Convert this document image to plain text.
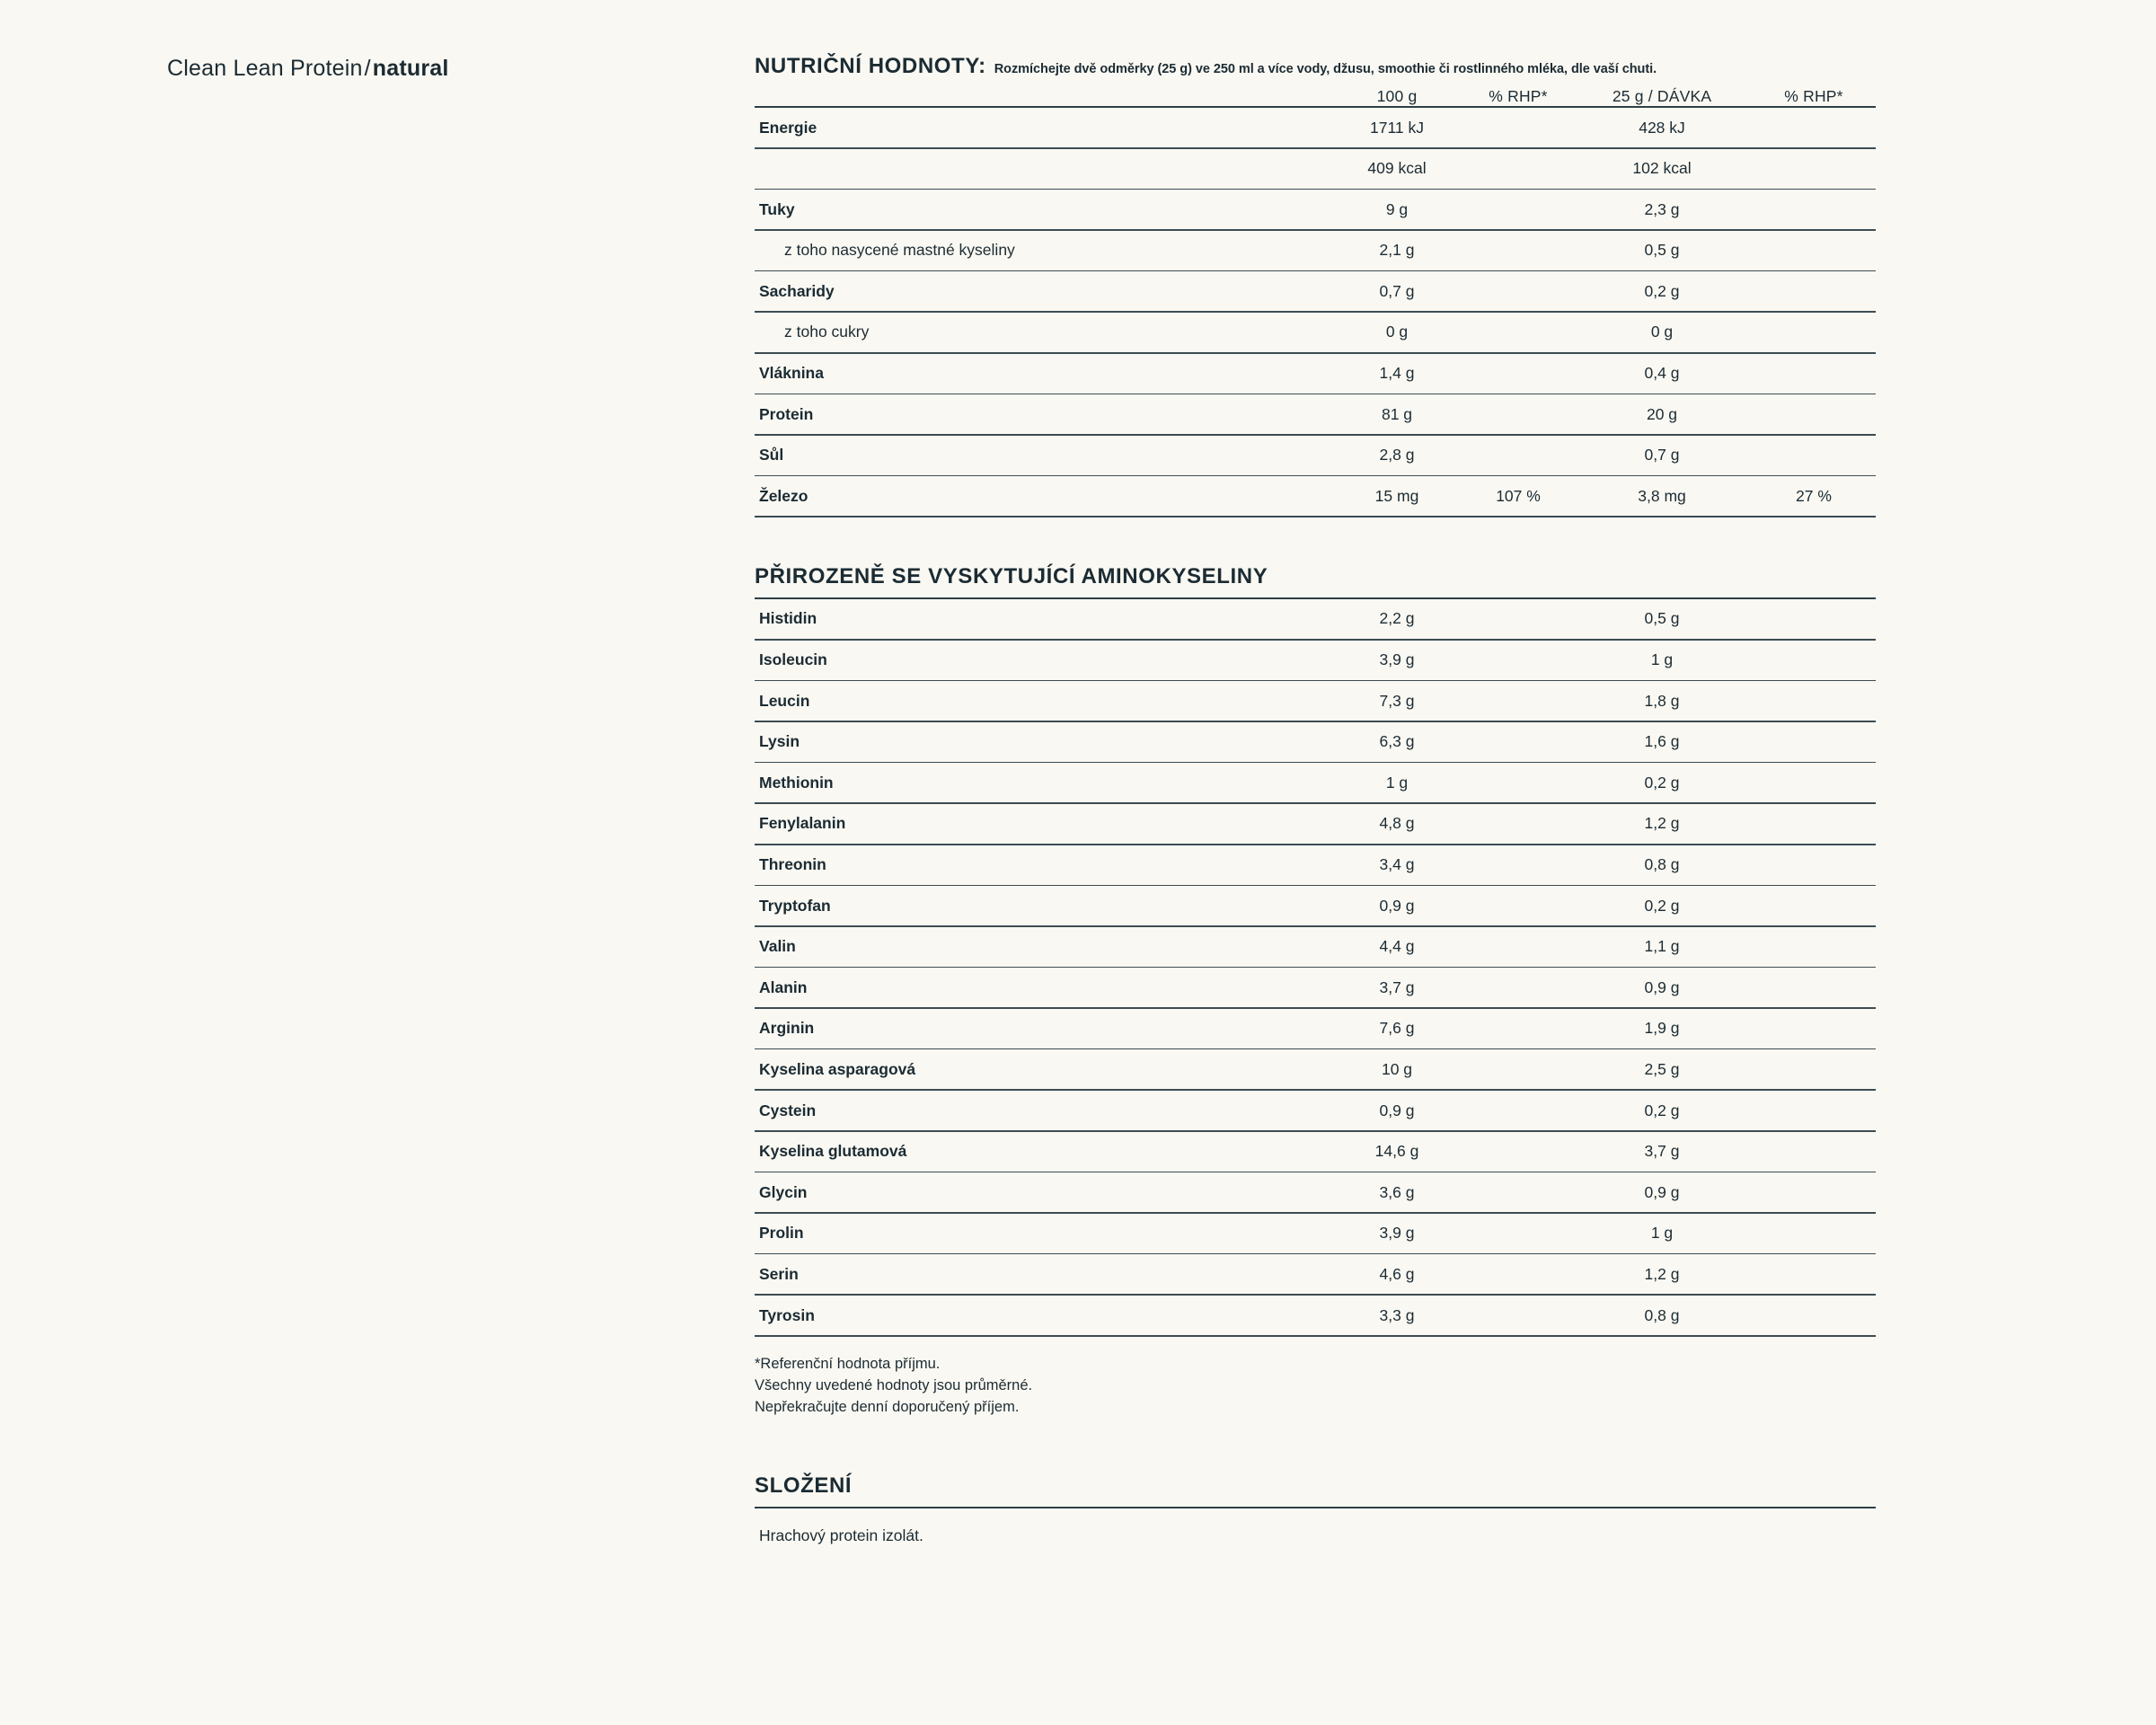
Clean Lean Protein/natural	NUTRIČNÍ HODNOTY: Rozmíchejte dvě odměrky (25 g) ve 250 ml a více vody, džusu, smoothie či rostlinného mléka, dle vaší chuti.
	100 g	% RHP*	25 g / DÁVKA	% RHP*

Energie	1711 kJ		428 kJ	

	409 kcal		102 kcal	

Tuky	9 g		2,3 g	

z toho nasycené mastné kyseliny	2,1 g		0,5 g	

Sacharidy	0,7 g		0,2 g	

z toho cukry	0 g		0 g	

Vláknina	1,4 g		0,4 g	

Protein	81 g		20 g	

Sůl	2,8 g		0,7 g	

Železo	15 mg	107 %	3,8 mg	27 %

PŘIROZENĚ SE VYSKYTUJÍCÍ AMINOKYSELINY

Histidin	2,2 g		0,5 g	

Isoleucin	3,9 g		1 g	

Leucin	7,3 g		1,8 g	

Lysin	6,3 g		1,6 g	

Methionin	1 g		0,2 g	

Fenylalanin	4,8 g		1,2 g	

Threonin	3,4 g		0,8 g	

Tryptofan	0,9 g		0,2 g	

Valin	4,4 g		1,1 g	

Alanin	3,7 g		0,9 g	

Arginin	7,6 g		1,9 g	

Kyselina asparagová	10 g		2,5 g	

Cystein	0,9 g		0,2 g	

Kyselina glutamová	14,6 g		3,7 g	

Glycin	3,6 g		0,9 g	

Prolin	3,9 g		1 g	

Serin	4,6 g		1,2 g	

Tyrosin	3,3 g		0,8 g	

*Referenční hodnota příjmu.
Všechny uvedené hodnoty jsou průměrné.
Nepřekračujte denní doporučený příjem.
SLOŽENÍ
Hrachový protein izolát.
